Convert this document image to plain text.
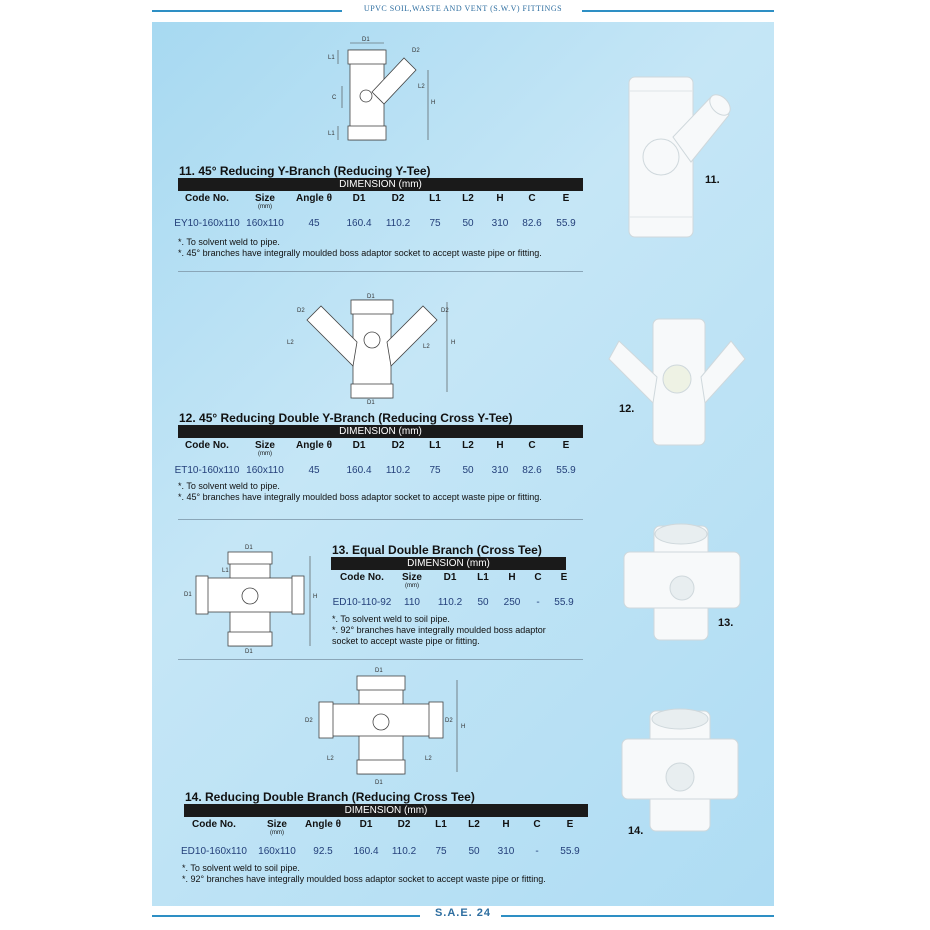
UPVC SOIL,WASTE AND VENT (S.W.V) FITTINGS
D1
L1
L1
C
D2
L2
H
11. 45° Reducing Y-Branch (Reducing Y-Tee)
DIMENSION (mm)
Code No.	Size
(mm)
Angle θ	D1	D2	L1	L2	H	C	E
EY10-160x110 160x110	45	160.4	110.2	75	50	310	82.6	55.9
*. To solvent weld to pipe.
*. 45° branches have integrally moulded boss adaptor socket to accept waste pipe or fitting.
11.
D1
D1
D2	D2
L2
L2
H
12. 45° Reducing Double Y-Branch (Reducing Cross Y-Tee)
DIMENSION (mm)
Code No.	Size
(mm)
Angle θ	D1	D2	L1	L2	H	C	E
ET10-160x110 160x110	45	160.4	110.2	75	50	310	82.6	55.9
*. To solvent weld to pipe.
*. 45° branches have integrally moulded boss adaptor socket to accept waste pipe or fitting.
12.
D1
D1
D1
L1
H
13. Equal Double Branch (Cross Tee)
DIMENSION (mm)
Code No.	Size
(mm)
D1	L1	H	C	E
ED10-110-92	110	110.2	50	250	-	55.9
*. To solvent weld to soil pipe.
*. 92° branches have integrally moulded boss adaptor
socket to accept waste pipe or fitting.
13.
D1
D1
D2	D2
L2	L2
H
14. Reducing Double Branch (Reducing Cross Tee)
DIMENSION (mm)
Code No.	Size
(mm)
Angle θ	D1	D2	L1	L2	H	C	E
ED10-160x110	160x110	92.5	160.4	110.2	75	50	310	-	55.9
*. To solvent weld to soil pipe.
*. 92° branches have integrally moulded boss adaptor socket to accept waste pipe or fitting.
14.
S.A.E. 24
